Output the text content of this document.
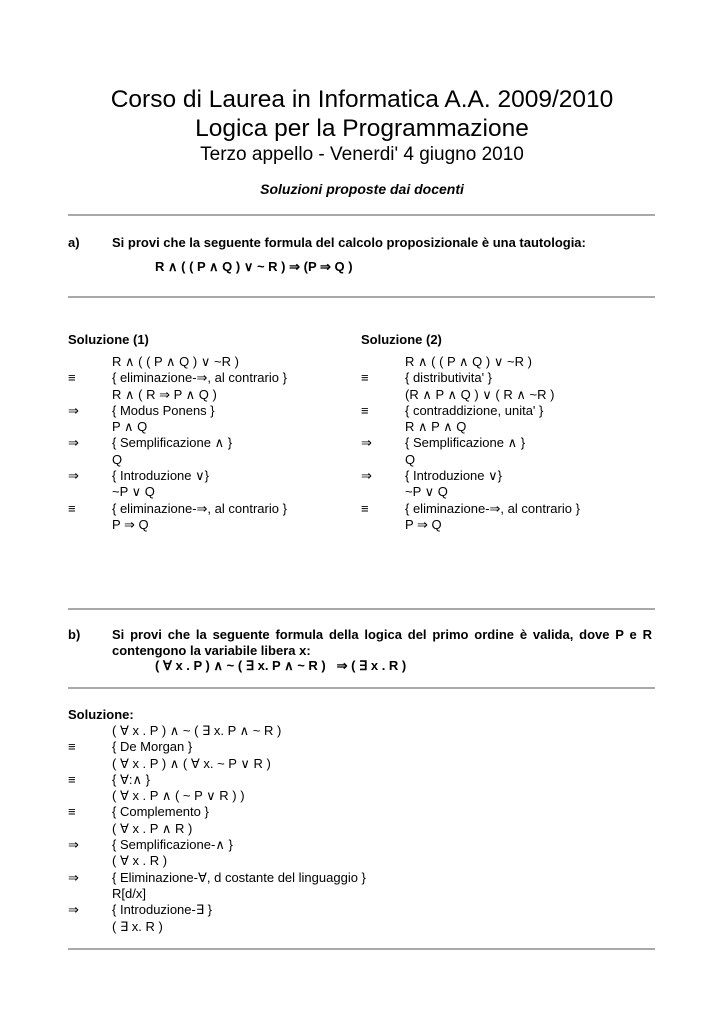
Corso di Laurea in Informatica A.A. 2009/2010
Logica per la Programmazione
Terzo appello - Venerdi' 4 giugno 2010
Soluzioni proposte dai docenti
a) Si provi che la seguente formula del calcolo proposizionale è una tautologia:
R ∧ ( ( P ∧ Q ) ∨ ~ R ) ⇒ (P ⇒ Q )
Soluzione (1)
R ∧ ( ( P ∧ Q ) ∨ ~R )
≡	{ eliminazione-⇒, al contrario }
R ∧ ( R ⇒ P ∧ Q )
⇒	{ Modus Ponens }
P ∧ Q
⇒	{ Semplificazione ∧ }
Q
⇒	{ Introduzione ∨}
~P ∨ Q
≡	{ eliminazione-⇒, al contrario }
P ⇒ Q
Soluzione (2)
R ∧ ( ( P ∧ Q ) ∨ ~R )
≡	{ distributivita' }
(R ∧ P ∧ Q ) ∨ ( R ∧ ~R )
≡	{ contraddizione, unita' }
R ∧ P ∧ Q
⇒	{ Semplificazione ∧ }
Q
⇒	{ Introduzione ∨}
~P ∨ Q
≡	{ eliminazione-⇒, al contrario }
P ⇒ Q
b) Si provi che la seguente formula della logica del primo ordine è valida, dove P e R contengono la variabile libera x:
( ∀ x . P ) ∧ ~ ( ∃ x. P ∧ ~ R )   ⇒ ( ∃ x . R )
Soluzione:
( ∀ x . P ) ∧ ~ ( ∃ x. P ∧ ~ R )
≡	{ De Morgan }
( ∀ x . P ) ∧ ( ∀ x. ~ P ∨ R )
≡	{ ∀:∧ }
( ∀ x . P ∧ ( ~ P ∨ R ) )
≡	{ Complemento }
( ∀ x . P ∧ R )
⇒	{ Semplificazione-∧ }
( ∀ x . R )
⇒	{ Eliminazione-∀, d costante del linguaggio }
R[d/x]
⇒	{ Introduzione-∃ }
( ∃ x. R )
